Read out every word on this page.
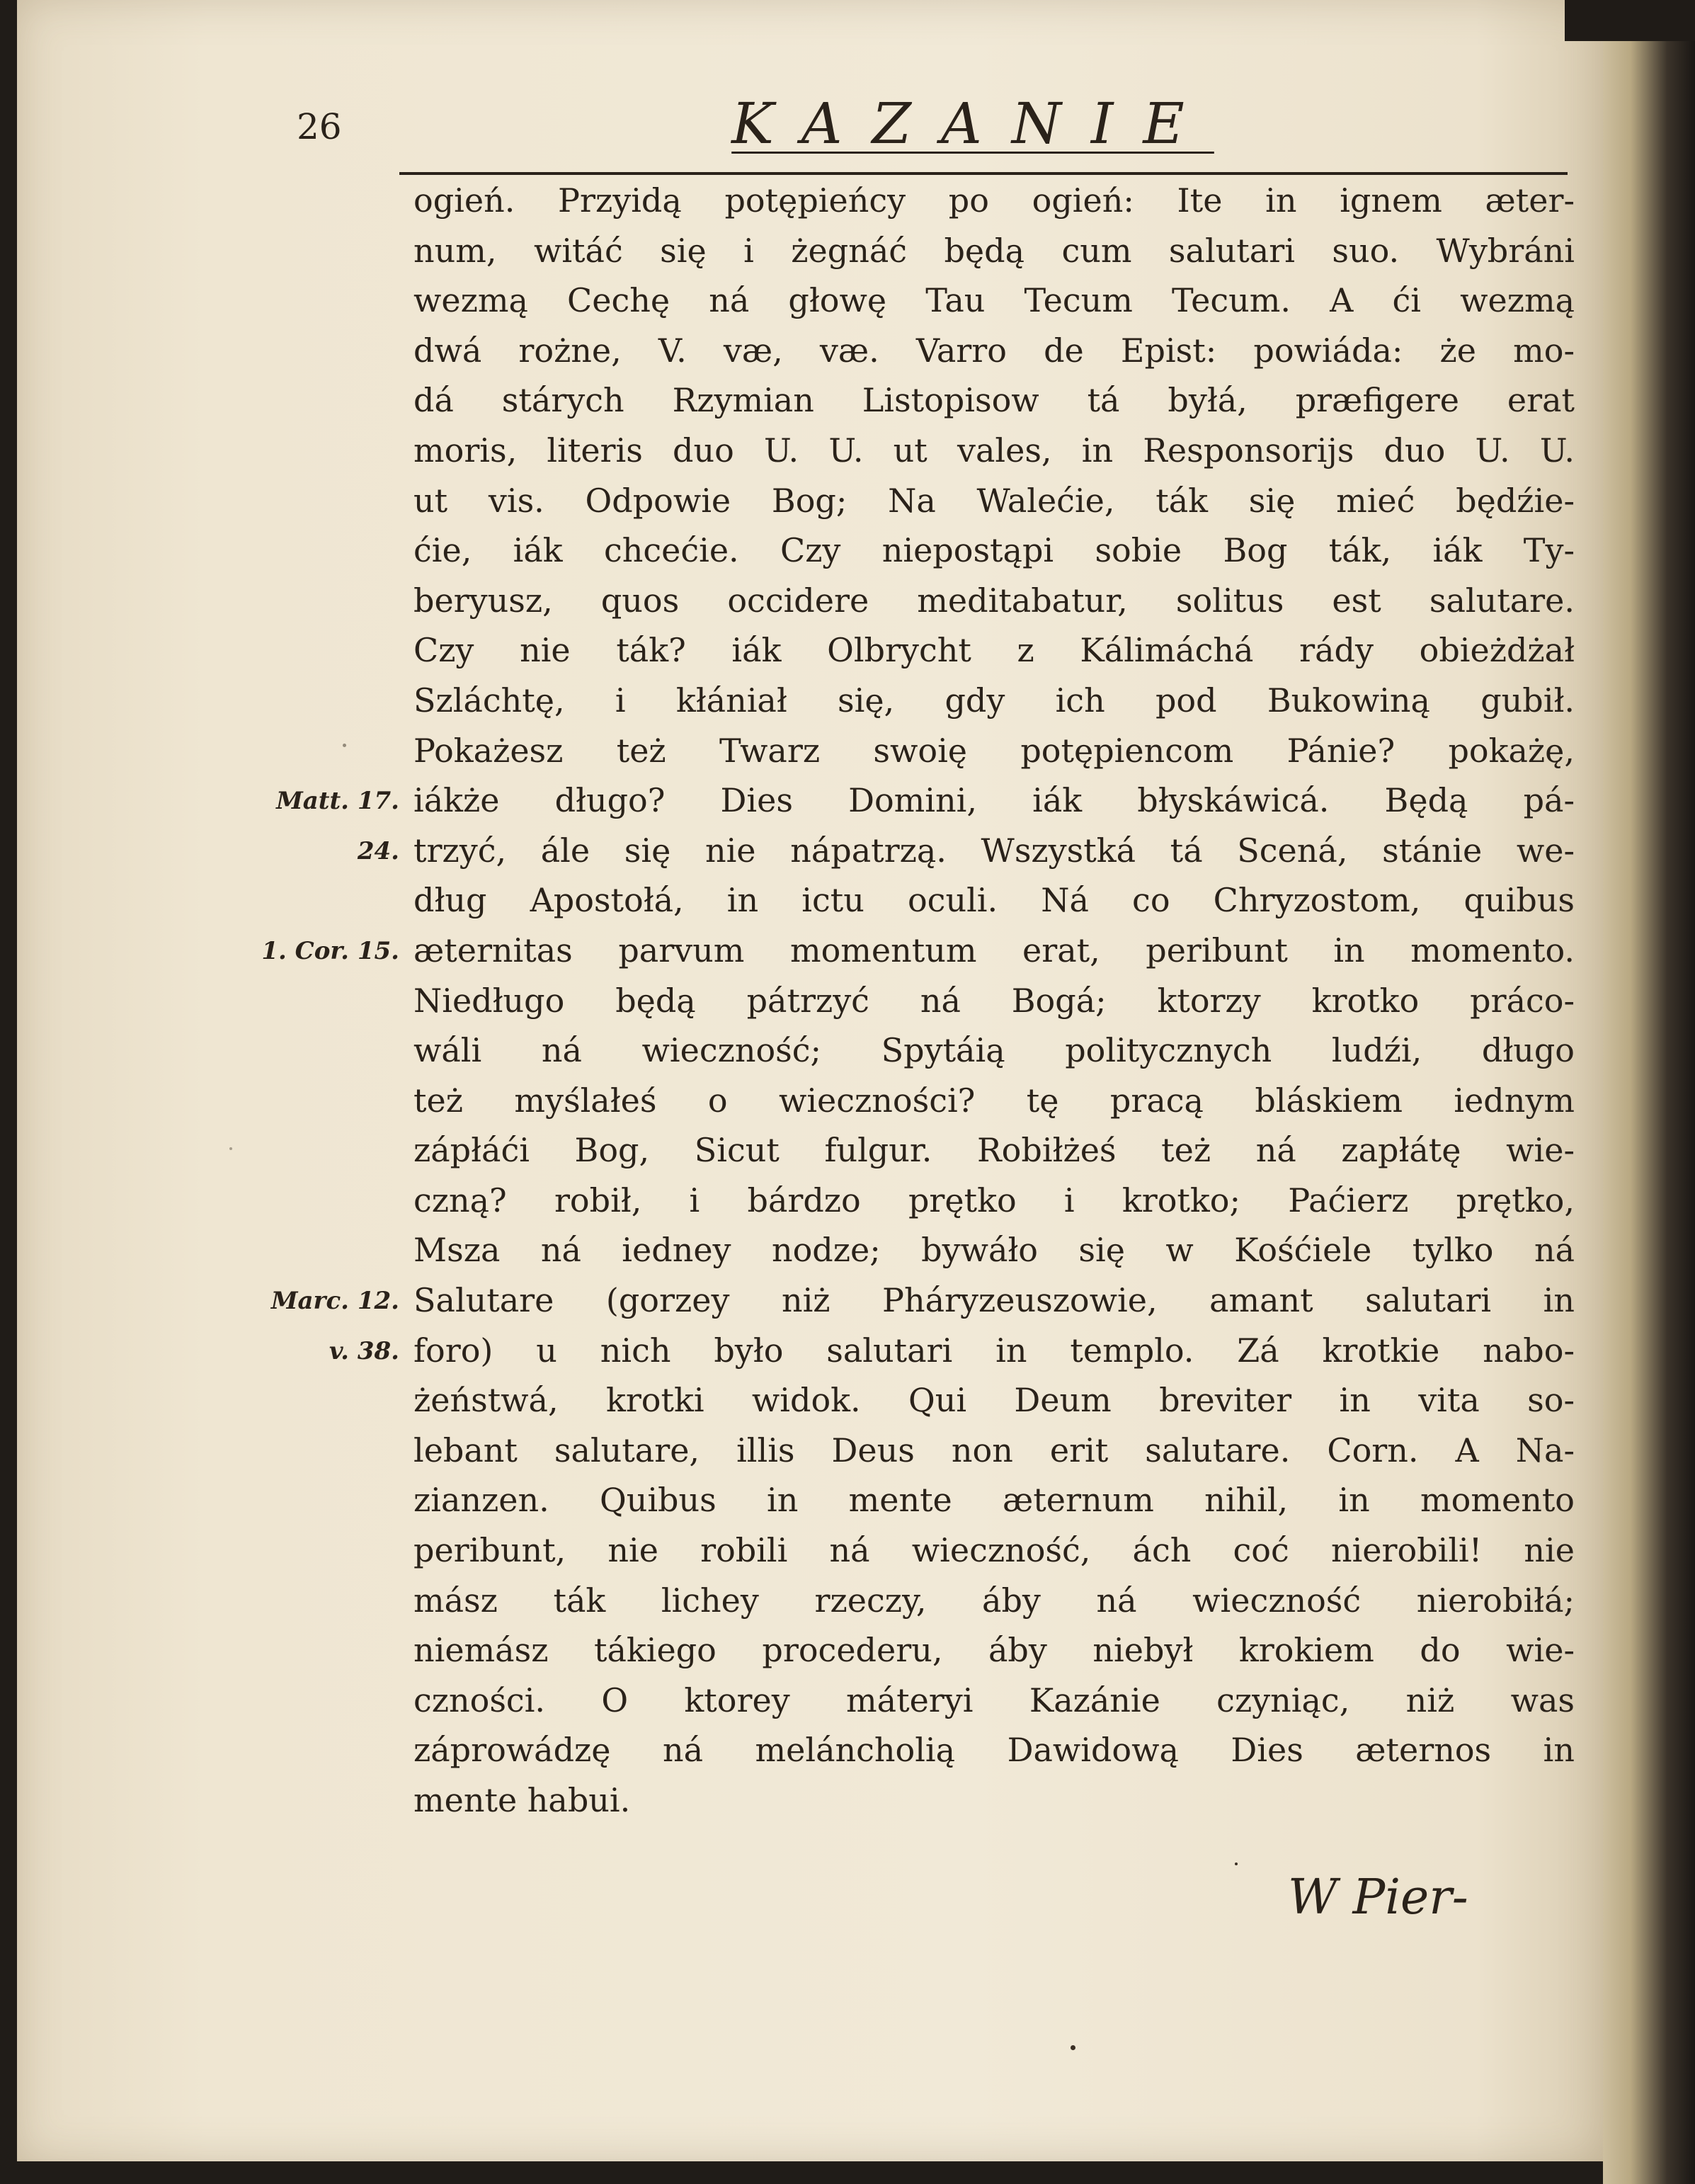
26	KAZANIE
Matt. 17.
24.
1. Cor. 15.
Marc. 12.
v. 38.
ogień. Przyidą potępieńcy po ogień: Ite in ignem æter-
num, witáć się i żegnáć będą cum salutari suo. Wybráni
wezmą Cechę ná głowę Tau Tecum Tecum. A ći wezmą
dwá rożne, V. væ, væ. Varro de Epist: powiáda: że mo-
dá stárych Rzymian Listopisow tá byłá, præfigere erat
moris, literis duo U. U. ut vales, in Responsorijs duo U. U.
ut vis. Odpowie Bog; Na Walećie, ták się mieć będźie-
ćie, iák chcećie. Czy niepostąpi sobie Bog ták, iák Ty-
beryusz, quos occidere meditabatur, solitus est salutare.
Czy nie ták? iák Olbrycht z Kálimáchá rády obieżdżał
Szláchtę, i kłániał się, gdy ich pod Bukowiną gubił.
Pokażesz też Twarz swoię potępiencom Pánie? pokażę,
iákże długo? Dies Domini, iák błyskáwicá. Będą pá-
trzyć, ále się nie nápatrzą. Wszystká tá Scená, stánie we-
dług Apostołá, in ictu oculi. Ná co Chryzostom, quibus
æternitas parvum momentum erat, peribunt in momento.
Niedługo będą pátrzyć ná Bogá; ktorzy krotko práco-
wáli ná wieczność; Spytáią politycznych ludźi, długo
też myślałeś o wieczności? tę pracą bláskiem iednym
zápłáći Bog, Sicut fulgur. Robiłżeś też ná zapłátę wie-
czną? robił, i bárdzo prętko i krotko; Paćierz prętko,
Msza ná iedney nodze; bywáło się w Kośćiele tylko ná
Salutare (gorzey niż Pháryzeuszowie, amant salutari in
foro) u nich było salutari in templo. Zá krotkie nabo-
żeństwá, krotki widok. Qui Deum breviter in vita so-
lebant salutare, illis Deus non erit salutare. Corn. A Na-
zianzen. Quibus in mente æternum nihil, in momento
peribunt, nie robili ná wieczność, ách coć nierobili! nie
mász ták lichey rzeczy, áby ná wieczność nierobiłá;
niemász tákiego procederu, áby niebył krokiem do wie-
czności. O ktorey máteryi Kazánie czyniąc, niż was
záprowádzę ná meláncholią Dawidową Dies æternos in
mente habui.
W Pier-
